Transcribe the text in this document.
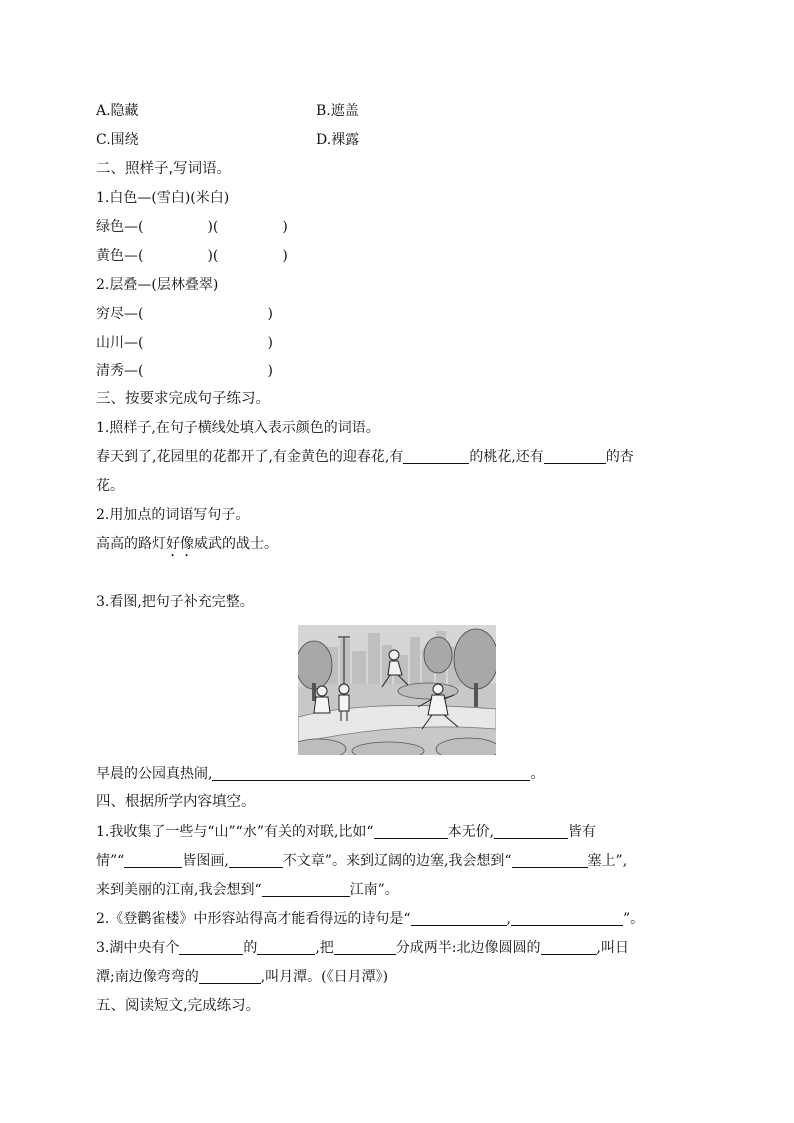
A.隐藏	B.遮盖
C.围绕	D.裸露
二、照样子,写词语。
1.白色—(雪白)(米白)
绿色—(	)(	)
黄色—(	)(	)
2.层叠—(层林叠翠)
穷尽—(	)
山川—(	)
清秀—(	)
三、按要求完成句子练习。
1.照样子,在句子横线处填入表示颜色的词语。
春天到了,花园里的花都开了,有金黄色的迎春花,有	的桃花,还有	的杏
花。
2.用加点的词语写句子。
高高的路灯好像威武的战士。
3.看图,把句子补充完整。
早晨的公园真热闹,	。
四、根据所学内容填空。
1.我收集了一些与“山”“水”有关的对联,比如“	本无价,	皆有
情”“	皆图画,	不文章”。来到辽阔的边塞,我会想到“	塞上”,
来到美丽的江南,我会想到“	江南”。
2.《登鹳雀楼》中形容站得高才能看得远的诗句是“	,	”。
3.湖中央有个	的	,把	分成两半:北边像圆圆的	,叫日
潭;南边像弯弯的	,叫月潭。(《日月潭》)
五、阅读短文,完成练习。
